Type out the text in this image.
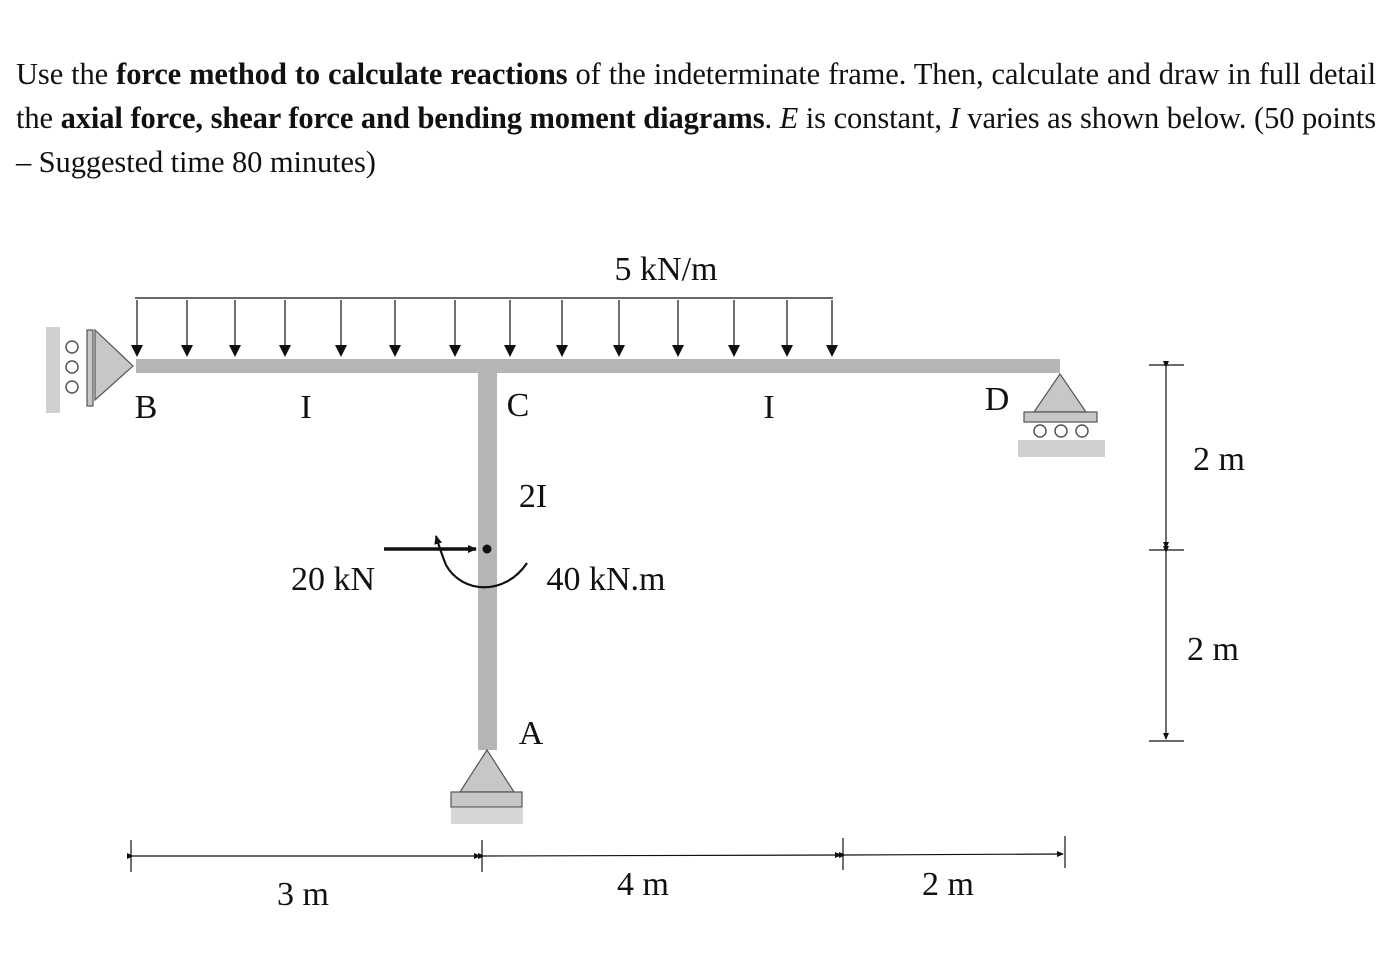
Use the force method to calculate reactions of the indeterminate frame. Then, calculate and draw in full detail the axial force, shear force and bending moment diagrams. E is constant, I varies as shown below. (50 points – Suggested time 80 minutes)
5 kN/m
B	C	D
A
I	I
2I
20 kN	40 kN.m
3 m	4 m	2 m
2 m
2 m
